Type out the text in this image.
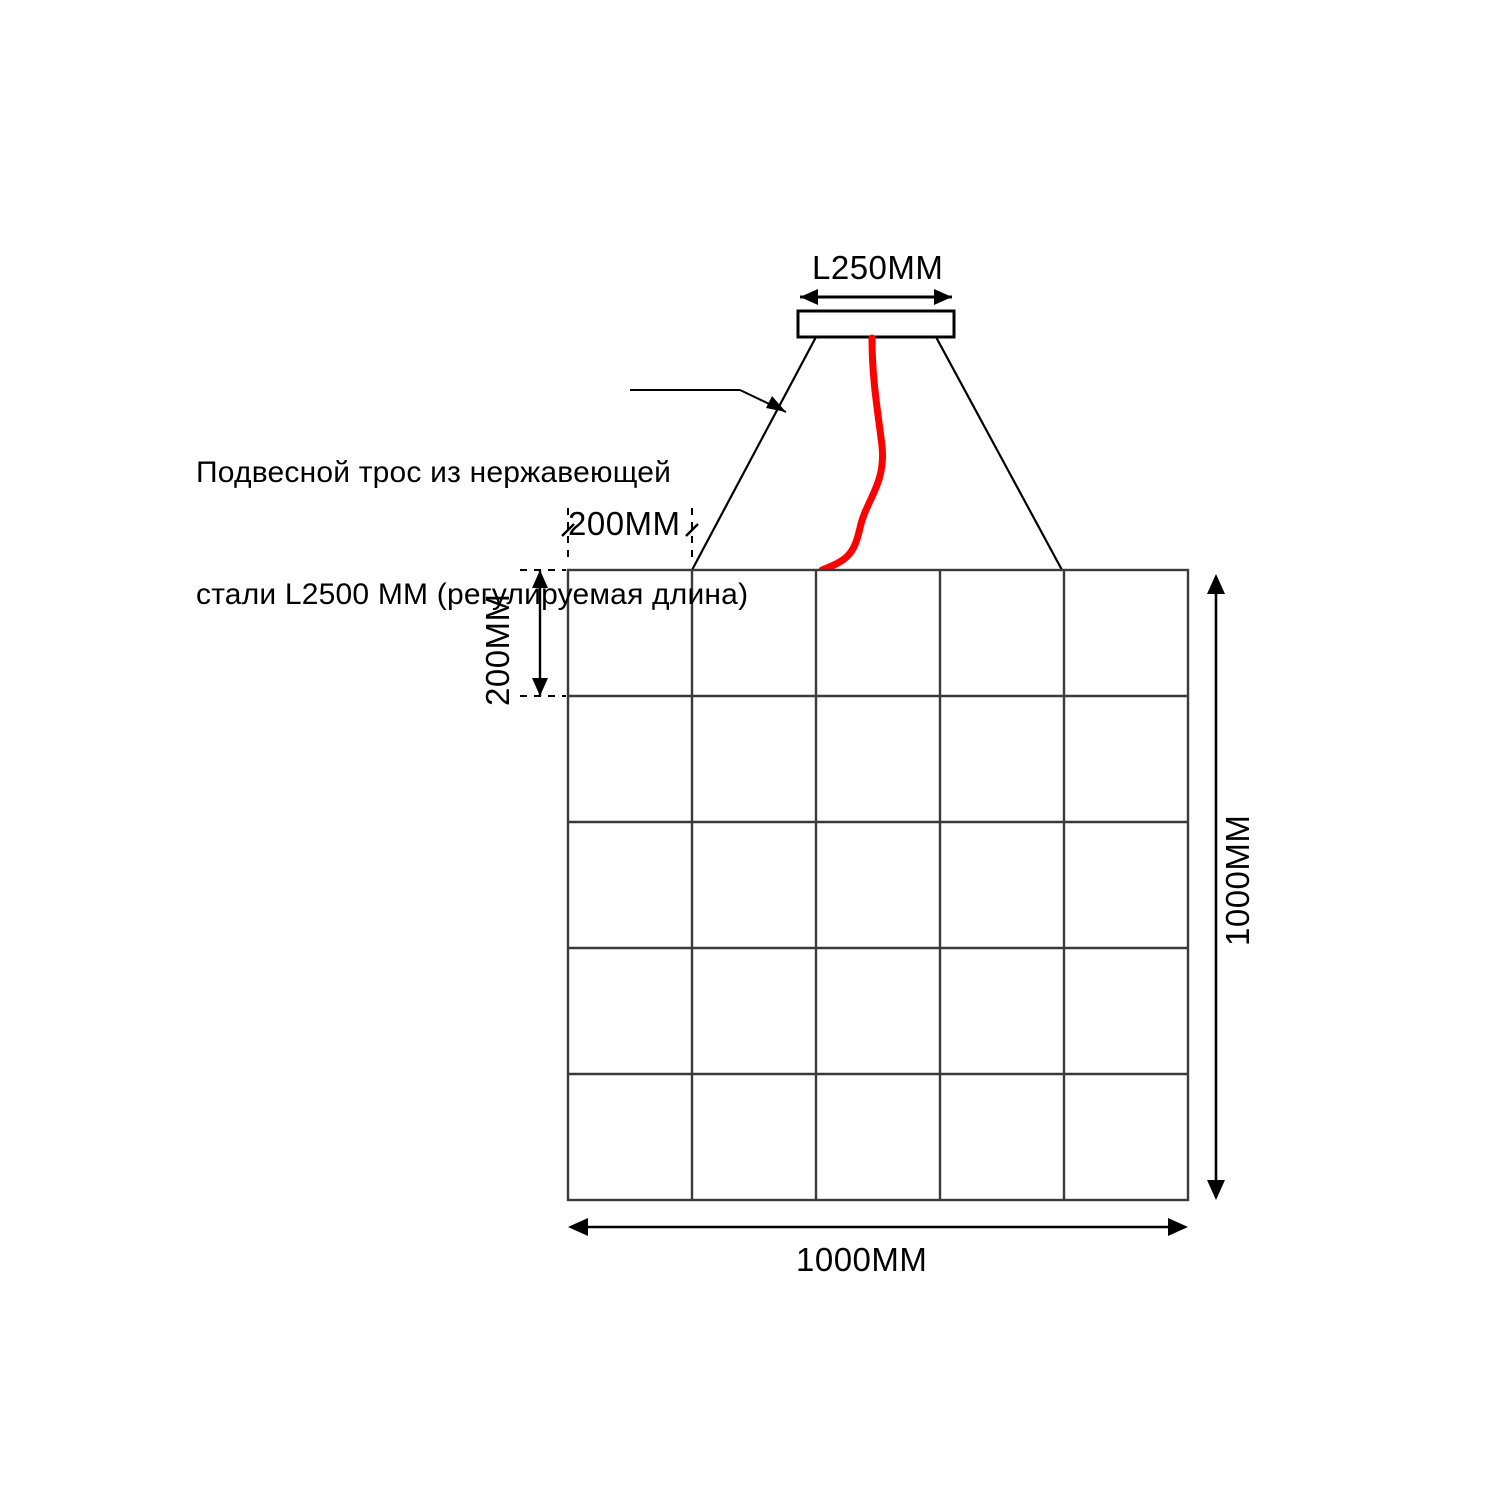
L250MM

Подвесной трос из нержавеющей

стали L2500 ММ (регулируемая длина)

200MM
200MM
1000MM
1000MM
